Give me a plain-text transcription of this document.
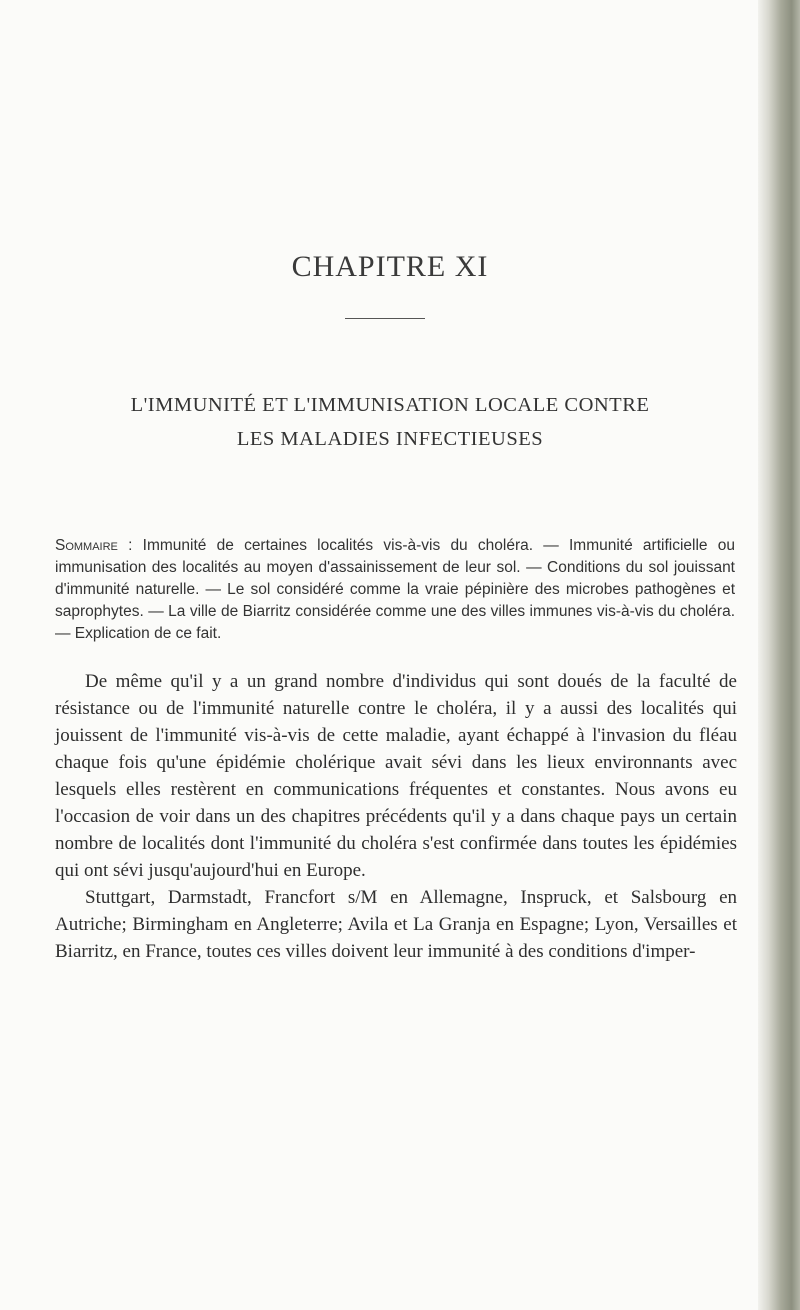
CHAPITRE XI
L'IMMUNITÉ ET L'IMMUNISATION LOCALE CONTRE
LES MALADIES INFECTIEUSES
Sommaire : Immunité de certaines localités vis-à-vis du choléra. — Immunité artificielle ou immunisation des localités au moyen d'assainissement de leur sol. — Conditions du sol jouissant d'immunité naturelle. — Le sol considéré comme la vraie pépinière des microbes pathogènes et saprophytes. — La ville de Biarritz considérée comme une des villes immunes vis-à-vis du choléra. — Explication de ce fait.

De même qu'il y a un grand nombre d'individus qui sont doués de la faculté de résistance ou de l'immunité naturelle contre le choléra, il y a aussi des localités qui jouissent de l'immunité vis-à-vis de cette maladie, ayant échappé à l'invasion du fléau chaque fois qu'une épidémie cholérique avait sévi dans les lieux environnants avec lesquels elles restèrent en communications fréquentes et constantes. Nous avons eu l'occasion de voir dans un des chapitres précédents qu'il y a dans chaque pays un certain nombre de localités dont l'immunité du choléra s'est confirmée dans toutes les épidémies qui ont sévi jusqu'aujourd'hui en Europe.

Stuttgart, Darmstadt, Francfort s/M en Allemagne, Inspruck, et Salsbourg en Autriche; Birmingham en Angleterre; Avila et La Granja en Espagne; Lyon, Versailles et Biarritz, en France, toutes ces villes doivent leur immunité à des conditions d'imper-
